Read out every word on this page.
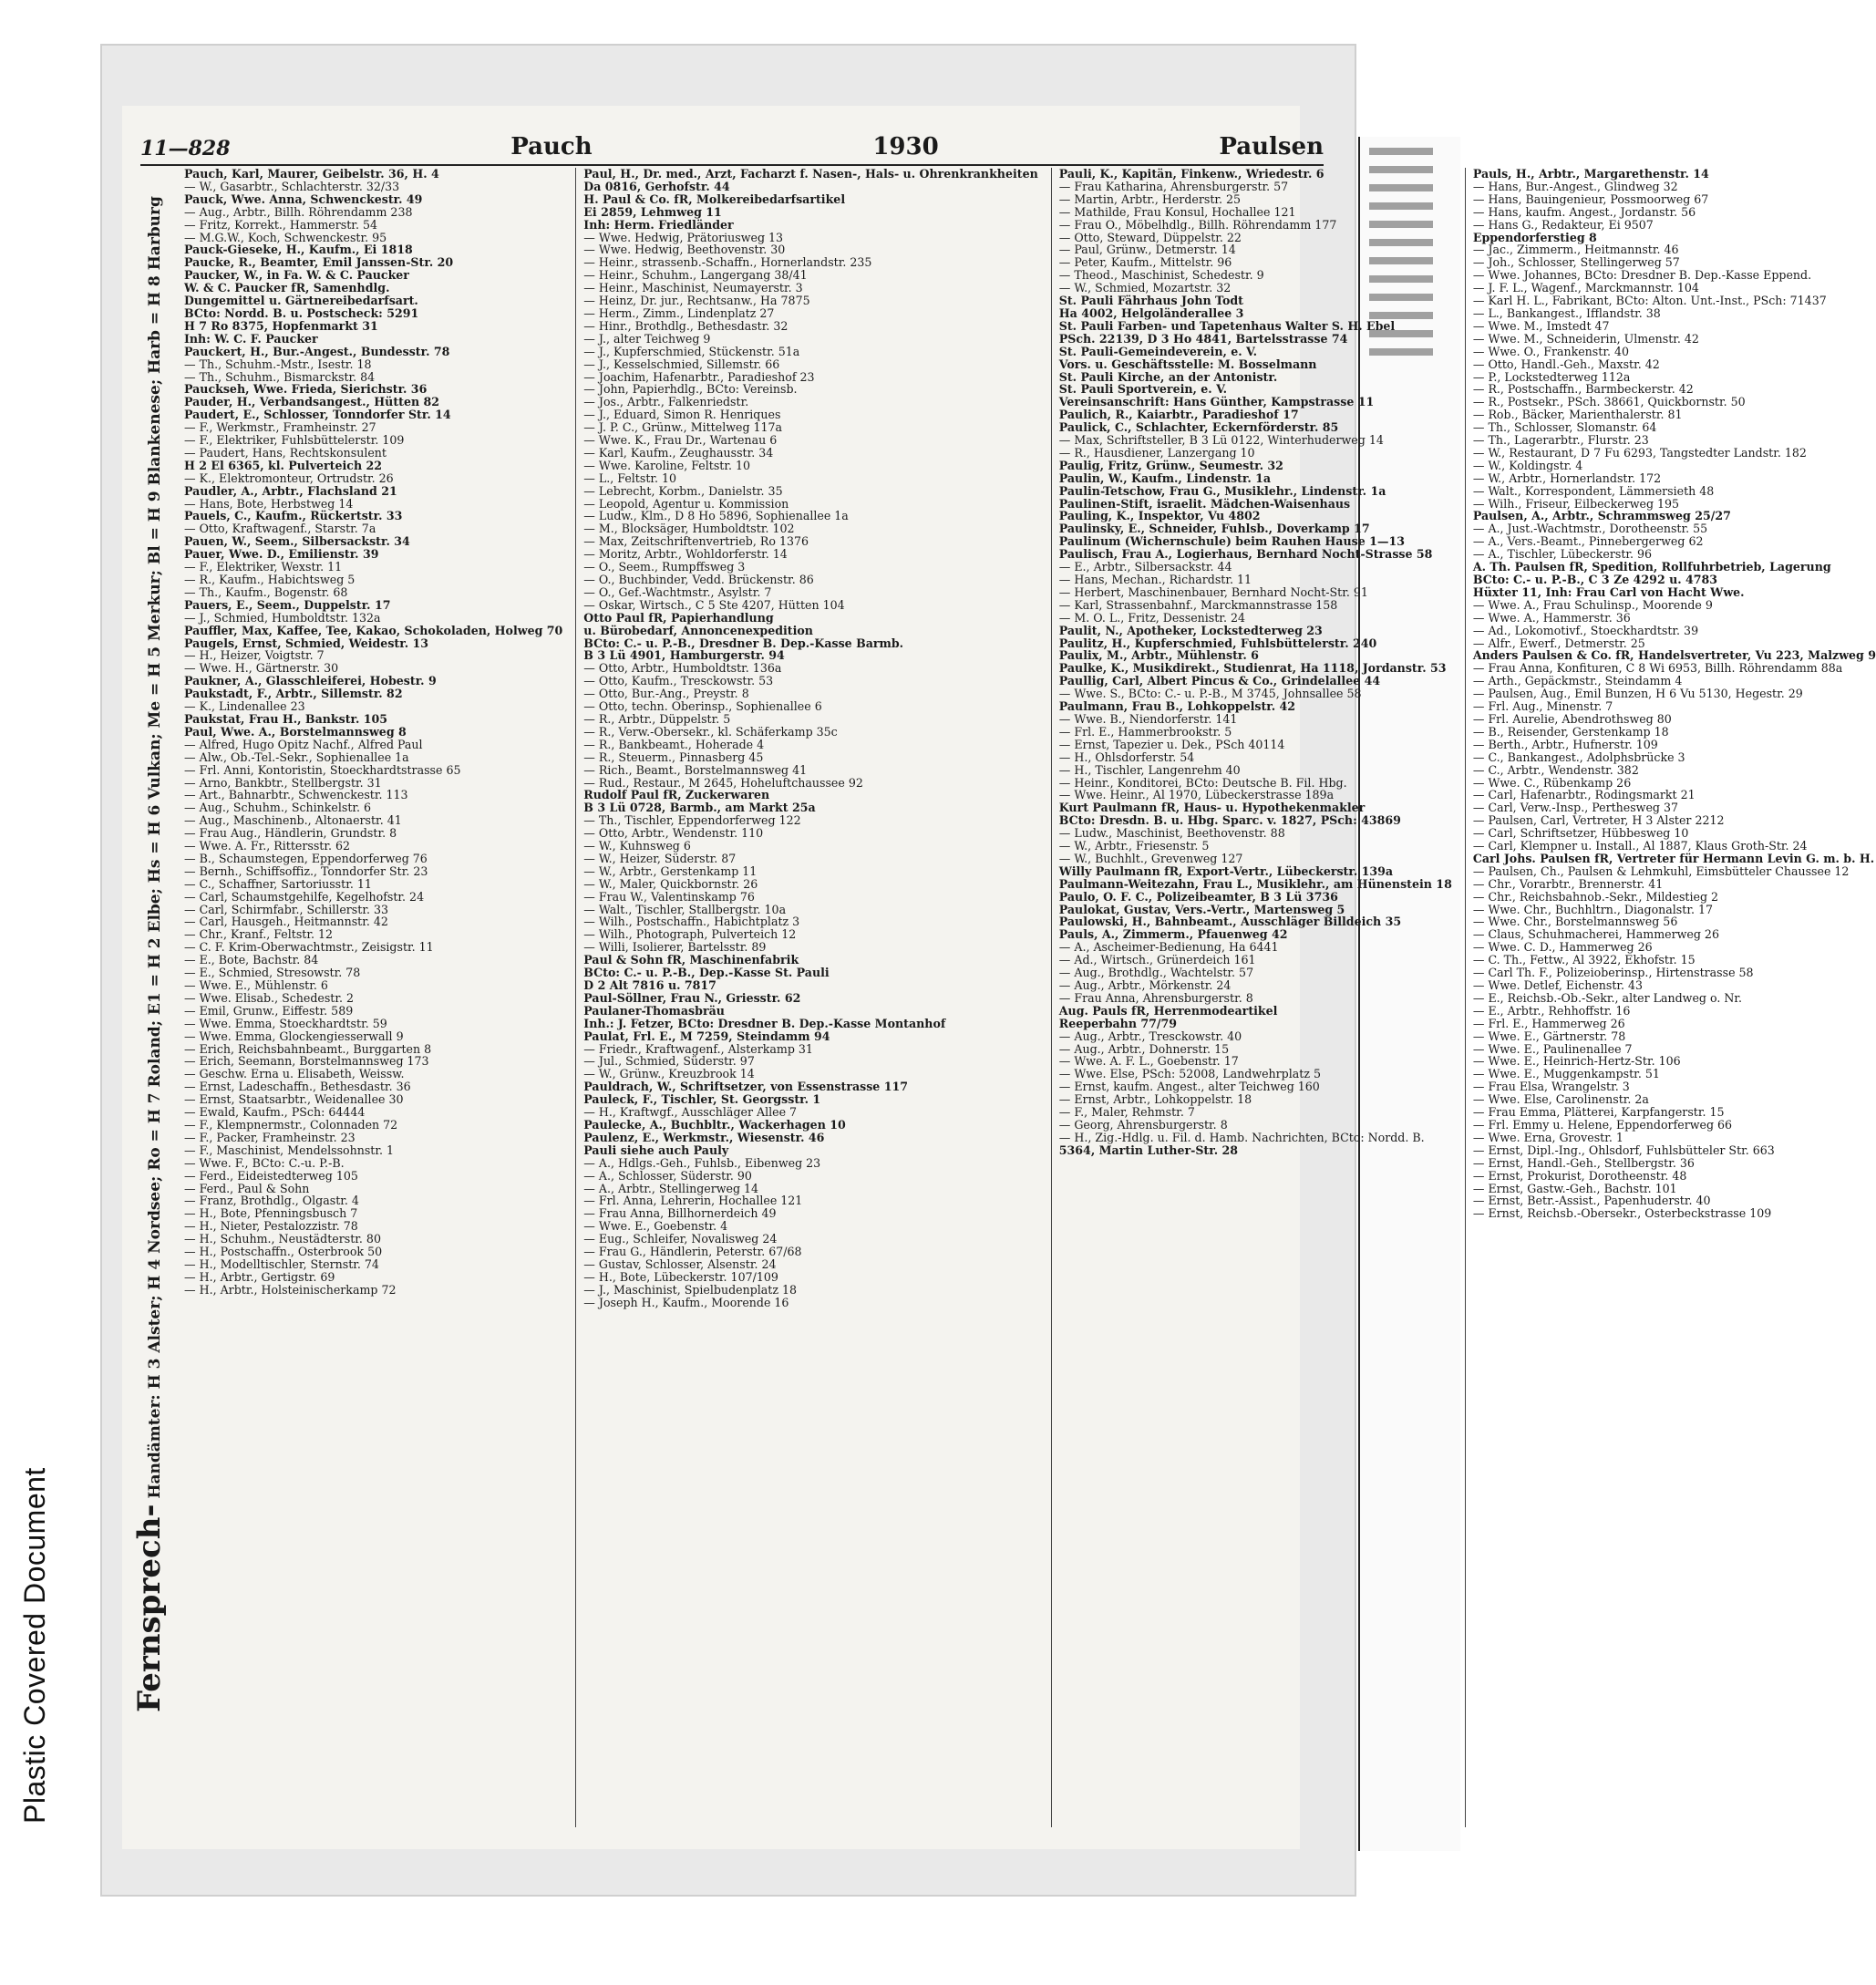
Plastic Covered Document
11—828	Pauch	1930	Paulsen
Fernsprech- Handämter: H 3 Alster; H 4 Nordsee; Ro = H 7 Roland; E1 = H 2 Elbe; Hs = H 6 Vulkan; Me = H 5 Merkur; Bl = H 9 Blankenese; Harb = H 8 Harburg
Pauch, Karl, Maurer, Geibelstr. 36, H. 4
— W., Gasarbtr., Schlachterstr. 32/33
Pauck, Wwe. Anna, Schwenckestr. 49
— Aug., Arbtr., Billh. Röhrendamm 238
— Fritz, Korrekt., Hammerstr. 54
— M.G.W., Koch, Schwenckestr. 95
Pauck-Gieseke, H., Kaufm., Ei 1818
Paucke, R., Beamter, Emil Janssen-Str. 20
Paucker, W., in Fa. W. & C. Paucker
W. & C. Paucker fR, Samenhdlg.
Dungemittel u. Gärtnereibedarfsart.
BCto: Nordd. B. u. Postscheck: 5291
H 7 Ro 8375, Hopfenmarkt 31
Inh: W. C. F. Paucker
Pauckert, H., Bur.-Angest., Bundesstr. 78
— Th., Schuhm.-Mstr., Isestr. 18
— Th., Schuhm., Bismarckstr. 84
Pauckseh, Wwe. Frieda, Sierichstr. 36
Pauder, H., Verbandsangest., Hütten 82
Paudert, E., Schlosser, Tonndorfer Str. 14
— F., Werkmstr., Framheinstr. 27
— F., Elektriker, Fuhlsbüttelerstr. 109
— Paudert, Hans, Rechtskonsulent
H 2 El 6365, kl. Pulverteich 22
— K., Elektromonteur, Ortrudstr. 26
Paudler, A., Arbtr., Flachsland 21
— Hans, Bote, Herbstweg 14
Pauels, C., Kaufm., Rückertstr. 33
— Otto, Kraftwagenf., Starstr. 7a
Pauen, W., Seem., Silbersackstr. 34
Pauer, Wwe. D., Emilienstr. 39
— F., Elektriker, Wexstr. 11
— R., Kaufm., Habichtsweg 5
— Th., Kaufm., Bogenstr. 68
Pauers, E., Seem., Duppelstr. 17
— J., Schmied, Humboldtstr. 132a
Pauffler, Max, Kaffee, Tee, Kakao, Schokoladen, Holweg 70
Paugels, Ernst, Schmied, Weidestr. 13
— H., Heizer, Voigtstr. 7
— Wwe. H., Gärtnerstr. 30
Paukner, A., Glasschleiferei, Hobestr. 9
Paukstadt, F., Arbtr., Sillemstr. 82
— K., Lindenallee 23
Paukstat, Frau H., Bankstr. 105
Paul, Wwe. A., Borstelmannsweg 8
— Alfred, Hugo Opitz Nachf., Alfred Paul
— Alw., Ob.-Tel.-Sekr., Sophienallee 1a
— Frl. Anni, Kontoristin, Stoeckhardtstrasse 65
— Arno, Bankbtr., Stellbergstr. 31
— Art., Bahnarbtr., Schwenckestr. 113
— Aug., Schuhm., Schinkelstr. 6
— Aug., Maschinenb., Altonaerstr. 41
— Frau Aug., Händlerin, Grundstr. 8
— Wwe. A. Fr., Rittersstr. 62
— B., Schaumstegen, Eppendorferweg 76
— Bernh., Schiffsoffiz., Tonndorfer Str. 23
— C., Schaffner, Sartoriusstr. 11
— Carl, Schaumstgehilfe, Kegelhofstr. 24
— Carl, Schirmfabr., Schillerstr. 33
— Carl, Hausgeh., Heitmannstr. 42
— Chr., Kranf., Feltstr. 12
— C. F. Krim-Oberwachtmstr., Zeisigstr. 11
— E., Bote, Bachstr. 84
— E., Schmied, Stresowstr. 78
— Wwe. E., Mühlenstr. 6
— Wwe. Elisab., Schedestr. 2
— Emil, Grunw., Eiffestr. 589
— Wwe. Emma, Stoeckhardtstr. 59
— Wwe. Emma, Glockengiesserwall 9
— Erich, Reichsbahnbeamt., Burggarten 8
— Erich, Seemann, Borstelmannsweg 173
— Geschw. Erna u. Elisabeth, Weissw.
— Ernst, Ladeschaffn., Bethesdastr. 36
— Ernst, Staatsarbtr., Weidenallee 30
— Ewald, Kaufm., PSch: 64444
— F., Klempnermstr., Colonnaden 72
— F., Packer, Framheinstr. 23
— F., Maschinist, Mendelssohnstr. 1
— Wwe. F., BCto: C.-u. P.-B.
— Ferd., Eideistedterweg 105
— Ferd., Paul & Sohn
— Franz, Brothdlg., Olgastr. 4
— H., Bote, Pfenningsbusch 7
— H., Nieter, Pestalozzistr. 78
— H., Schuhm., Neustädterstr. 80
— H., Postschaffn., Osterbrook 50
— H., Modelltischler, Sternstr. 74
— H., Arbtr., Gertigstr. 69
— H., Arbtr., Holsteinischerkamp 72
Paul, H., Dr. med., Arzt, Facharzt f. Nasen-, Hals- u. Ohrenkrankheiten
Da 0816, Gerhofstr. 44
H. Paul & Co. fR, Molkereibedarfsartikel
Ei 2859, Lehmweg 11
Inh: Herm. Friedländer
— Wwe. Hedwig, Prätoriusweg 13
— Wwe. Hedwig, Beethovenstr. 30
— Heinr., strassenb.-Schaffn., Hornerlandstr. 235
— Heinr., Schuhm., Langergang 38/41
— Heinr., Maschinist, Neumayerstr. 3
— Heinz, Dr. jur., Rechtsanw., Ha 7875
— Herm., Zimm., Lindenplatz 27
— Hinr., Brothdlg., Bethesdastr. 32
— J., alter Teichweg 9
— J., Kupferschmied, Stückenstr. 51a
— J., Kesselschmied, Sillemstr. 66
— Joachim, Hafenarbtr., Paradieshof 23
— John, Papierhdlg., BCto: Vereinsb.
— Jos., Arbtr., Falkenriedstr.
— J., Eduard, Simon R. Henriques
— J. P. C., Grünw., Mittelweg 117a
— Wwe. K., Frau Dr., Wartenau 6
— Karl, Kaufm., Zeughausstr. 34
— Wwe. Karoline, Feltstr. 10
— L., Feltstr. 10
— Lebrecht, Korbm., Danielstr. 35
— Leopold, Agentur u. Kommission
— Ludw., Klm., D 8 Ho 5896, Sophienallee 1a
— M., Blocksäger, Humboldtstr. 102
— Max, Zeitschriftenvertrieb, Ro 1376
— Moritz, Arbtr., Wohldorferstr. 14
— O., Seem., Rumpffsweg 3
— O., Buchbinder, Vedd. Brückenstr. 86
— O., Gef.-Wachtmstr., Asylstr. 7
— Oskar, Wirtsch., C 5 Ste 4207, Hütten 104
Otto Paul fR, Papierhandlung
u. Bürobedarf, Annoncenexpedition
BCto: C.- u. P.-B., Dresdner B. Dep.-Kasse Barmb.
B 3 Lü 4901, Hamburgerstr. 94
— Otto, Arbtr., Humboldtstr. 136a
— Otto, Kaufm., Tresckowstr. 53
— Otto, Bur.-Ang., Preystr. 8
— Otto, techn. Oberinsp., Sophienallee 6
— R., Arbtr., Düppelstr. 5
— R., Verw.-Obersekr., kl. Schäferkamp 35c
— R., Bankbeamt., Hoherade 4
— R., Steuerm., Pinnasberg 45
— Rich., Beamt., Borstelmannsweg 41
— Rud., Restaur., M 2645, Hoheluftchaussee 92
Rudolf Paul fR, Zuckerwaren
B 3 Lü 0728, Barmb., am Markt 25a
— Th., Tischler, Eppendorferweg 122
— Otto, Arbtr., Wendenstr. 110
— W., Kuhnsweg 6
— W., Heizer, Süderstr. 87
— W., Arbtr., Gerstenkamp 11
— W., Maler, Quickbornstr. 26
— Frau W., Valentinskamp 76
— Walt., Tischler, Stallbergstr. 10a
— Wilh., Postschaffn., Habichtplatz 3
— Wilh., Photograph, Pulverteich 12
— Willi, Isolierer, Bartelsstr. 89
Paul & Sohn fR, Maschinenfabrik
BCto: C.- u. P.-B., Dep.-Kasse St. Pauli
D 2 Alt 7816 u. 7817
Paul-Söllner, Frau N., Griesstr. 62
Paulaner-Thomasbräu
Inh.: J. Fetzer, BCto: Dresdner B. Dep.-Kasse Montanhof
Paulat, Frl. E., M 7259, Steindamm 94
— Friedr., Kraftwagenf., Alsterkamp 31
— Jul., Schmied, Süderstr. 97
— W., Grünw., Kreuzbrook 14
Pauldrach, W., Schriftsetzer, von Essenstrasse 117
Pauleck, F., Tischler, St. Georgsstr. 1
— H., Kraftwgf., Ausschläger Allee 7
Paulecke, A., Buchbltr., Wackerhagen 10
Paulenz, E., Werkmstr., Wiesenstr. 46
Pauli siehe auch Pauly
— A., Hdlgs.-Geh., Fuhlsb., Eibenweg 23
— A., Schlosser, Süderstr. 90
— A., Arbtr., Stellingerweg 14
— Frl. Anna, Lehrerin, Hochallee 121
— Frau Anna, Billhornerdeich 49
— Wwe. E., Goebenstr. 4
— Eug., Schleifer, Novalisweg 24
— Frau G., Händlerin, Peterstr. 67/68
— Gustav, Schlosser, Alsenstr. 24
— H., Bote, Lübeckerstr. 107/109
— J., Maschinist, Spielbudenplatz 18
— Joseph H., Kaufm., Moorende 16
Pauli, K., Kapitän, Finkenw., Wriedestr. 6
— Frau Katharina, Ahrensburgerstr. 57
— Martin, Arbtr., Herderstr. 25
— Mathilde, Frau Konsul, Hochallee 121
— Frau O., Möbelhdlg., Billh. Röhrendamm 177
— Otto, Steward, Düppelstr. 22
— Paul, Grünw., Detmerstr. 14
— Peter, Kaufm., Mittelstr. 96
— Theod., Maschinist, Schedestr. 9
— W., Schmied, Mozartstr. 32
St. Pauli Fährhaus John Todt
Ha 4002, Helgoländerallee 3
St. Pauli Farben- und Tapetenhaus Walter S. H. Ebel
PSch. 22139, D 3 Ho 4841, Bartelsstrasse 74
St. Pauli-Gemeindeverein, e. V.
Vors. u. Geschäftsstelle: M. Bosselmann
St. Pauli Kirche, an der Antonistr.
St. Pauli Sportverein, e. V.
Vereinsanschrift: Hans Günther, Kampstrasse 11
Paulich, R., Kaiarbtr., Paradieshof 17
Paulick, C., Schlachter, Eckernförderstr. 85
— Max, Schriftsteller, B 3 Lü 0122, Winterhuderweg 14
— R., Hausdiener, Lanzergang 10
Paulig, Fritz, Grünw., Seumestr. 32
Paulin, W., Kaufm., Lindenstr. 1a
Paulin-Tetschow, Frau G., Musiklehr., Lindenstr. 1a
Paulinen-Stift, israelit. Mädchen-Waisenhaus
Pauling, K., Inspektor, Vu 4802
Paulinsky, E., Schneider, Fuhlsb., Doverkamp 17
Paulinum (Wichernschule) beim Rauhen Hause 1—13
Paulisch, Frau A., Logierhaus, Bernhard Nocht-Strasse 58
— E., Arbtr., Silbersackstr. 44
— Hans, Mechan., Richardstr. 11
— Herbert, Maschinenbauer, Bernhard Nocht-Str. 91
— Karl, Strassenbahnf., Marckmannstrasse 158
— M. O. L., Fritz, Dessenistr. 24
Paulit, N., Apotheker, Lockstedterweg 23
Paulitz, H., Kupferschmied, Fuhlsbüttelerstr. 240
Paulix, M., Arbtr., Mühlenstr. 6
Paulke, K., Musikdirekt., Studienrat, Ha 1118, Jordanstr. 53
Paullig, Carl, Albert Pincus & Co., Grindelallee 44
— Wwe. S., BCto: C.- u. P.-B., M 3745, Johnsallee 58
Paulmann, Frau B., Lohkoppelstr. 42
— Wwe. B., Niendorferstr. 141
— Frl. E., Hammerbrookstr. 5
— Ernst, Tapezier u. Dek., PSch 40114
— H., Ohlsdorferstr. 54
— H., Tischler, Langenrehm 40
— Heinr., Konditorei, BCto: Deutsche B. Fil. Hbg.
— Wwe. Heinr., Al 1970, Lübeckerstrasse 189a
Kurt Paulmann fR, Haus- u. Hypothekenmakler
BCto: Dresdn. B. u. Hbg. Sparc. v. 1827, PSch: 43869
— Ludw., Maschinist, Beethovenstr. 88
— W., Arbtr., Friesenstr. 5
— W., Buchhlt., Grevenweg 127
Willy Paulmann fR, Export-Vertr., Lübeckerstr. 139a
Paulmann-Weitezahn, Frau L., Musiklehr., am Hünenstein 18
Paulo, O. F. C., Polizeibeamter, B 3 Lü 3736
Paulokat, Gustav, Vers.-Vertr., Martensweg 5
Paulowski, H., Bahnbeamt., Ausschläger Billdeich 35
Pauls, A., Zimmerm., Pfauenweg 42
— A., Ascheimer-Bedienung, Ha 6441
— Ad., Wirtsch., Grünerdeich 161
— Aug., Brothdlg., Wachtelstr. 57
— Aug., Arbtr., Mörkenstr. 24
— Frau Anna, Ahrensburgerstr. 8
Aug. Pauls fR, Herrenmodeartikel
Reeperbahn 77/79
— Aug., Arbtr., Tresckowstr. 40
— Aug., Arbtr., Dohnerstr. 15
— Wwe. A. F. L., Goebenstr. 17
— Wwe. Else, PSch: 52008, Landwehrplatz 5
— Ernst, kaufm. Angest., alter Teichweg 160
— Ernst, Arbtr., Lohkoppelstr. 18
— F., Maler, Rehmstr. 7
— Georg, Ahrensburgerstr. 8
— H., Zig.-Hdlg. u. Fil. d. Hamb. Nachrichten, BCto: Nordd. B.
5364, Martin Luther-Str. 28
Pauls, H., Arbtr., Margarethenstr. 14
— Hans, Bur.-Angest., Glindweg 32
— Hans, Bauingenieur, Possmoorweg 67
— Hans, kaufm. Angest., Jordanstr. 56
— Hans G., Redakteur, Ei 9507
Eppendorferstieg 8
— Jac., Zimmerm., Heitmannstr. 46
— Joh., Schlosser, Stellingerweg 57
— Wwe. Johannes, BCto: Dresdner B. Dep.-Kasse Eppend.
— J. F. L., Wagenf., Marckmannstr. 104
— Karl H. L., Fabrikant, BCto: Alton. Unt.-Inst., PSch: 71437
— L., Bankangest., Ifflandstr. 38
— Wwe. M., Imstedt 47
— Wwe. M., Schneiderin, Ulmenstr. 42
— Wwe. O., Frankenstr. 40
— Otto, Handl.-Geh., Maxstr. 42
— P., Lockstedterweg 112a
— R., Postschaffn., Barmbeckerstr. 42
— R., Postsekr., PSch. 38661, Quickbornstr. 50
— Rob., Bäcker, Marienthalerstr. 81
— Th., Schlosser, Slomanstr. 64
— Th., Lagerarbtr., Flurstr. 23
— W., Restaurant, D 7 Fu 6293, Tangstedter Landstr. 182
— W., Koldingstr. 4
— W., Arbtr., Hornerlandstr. 172
— Walt., Korrespondent, Lämmersieth 48
— Wilh., Friseur, Eilbeckerweg 195
Paulsen, A., Arbtr., Schrammsweg 25/27
— A., Just.-Wachtmstr., Dorotheenstr. 55
— A., Vers.-Beamt., Pinnebergerweg 62
— A., Tischler, Lübeckerstr. 96
A. Th. Paulsen fR, Spedition, Rollfuhrbetrieb, Lagerung
BCto: C.- u. P.-B., C 3 Ze 4292 u. 4783
Hüxter 11, Inh: Frau Carl von Hacht Wwe.
— Wwe. A., Frau Schulinsp., Moorende 9
— Wwe. A., Hammerstr. 36
— Ad., Lokomotivf., Stoeckhardtstr. 39
— Alfr., Ewerf., Detmerstr. 25
Anders Paulsen & Co. fR, Handelsvertreter, Vu 223, Malzweg 9
— Frau Anna, Konfituren, C 8 Wi 6953, Billh. Röhrendamm 88a
— Arth., Gepäckmstr., Steindamm 4
— Paulsen, Aug., Emil Bunzen, H 6 Vu 5130, Hegestr. 29
— Frl. Aug., Minenstr. 7
— Frl. Aurelie, Abendrothsweg 80
— B., Reisender, Gerstenkamp 18
— Berth., Arbtr., Hufnerstr. 109
— C., Bankangest., Adolphsbrücke 3
— C., Arbtr., Wendenstr. 382
— Wwe. C., Rübenkamp 26
— Carl, Hafenarbtr., Rodingsmarkt 21
— Carl, Verw.-Insp., Perthesweg 37
— Paulsen, Carl, Vertreter, H 3 Alster 2212
— Carl, Schriftsetzer, Hübbesweg 10
— Carl, Klempner u. Install., Al 1887, Klaus Groth-Str. 24
Carl Johs. Paulsen fR, Vertreter für Hermann Levin G. m. b. H.
— Paulsen, Ch., Paulsen & Lehmkuhl, Eimsbütteler Chaussee 12
— Chr., Vorarbtr., Brennerstr. 41
— Chr., Reichsbahnob.-Sekr., Mildestieg 2
— Wwe. Chr., Buchhltrn., Diagonalstr. 17
— Wwe. Chr., Borstelmannsweg 56
— Claus, Schuhmacherei, Hammerweg 26
— Wwe. C. D., Hammerweg 26
— C. Th., Fettw., Al 3922, Ekhofstr. 15
— Carl Th. F., Polizeioberinsp., Hirtenstrasse 58
— Wwe. Detlef, Eichenstr. 43
— E., Reichsb.-Ob.-Sekr., alter Landweg o. Nr.
— E., Arbtr., Rehhoffstr. 16
— Frl. E., Hammerweg 26
— Wwe. E., Gärtnerstr. 78
— Wwe. E., Paulinenallee 7
— Wwe. E., Heinrich-Hertz-Str. 106
— Wwe. E., Muggenkampstr. 51
— Frau Elsa, Wrangelstr. 3
— Wwe. Else, Carolinenstr. 2a
— Frau Emma, Plätterei, Karpfangerstr. 15
— Frl. Emmy u. Helene, Eppendorferweg 66
— Wwe. Erna, Grovestr. 1
— Ernst, Dipl.-Ing., Ohlsdorf, Fuhlsbütteler Str. 663
— Ernst, Handl.-Geh., Stellbergstr. 36
— Ernst, Prokurist, Dorotheenstr. 48
— Ernst, Gastw.-Geh., Bachstr. 101
— Ernst, Betr.-Assist., Papenhuderstr. 40
— Ernst, Reichsb.-Obersekr., Osterbeckstrasse 109
